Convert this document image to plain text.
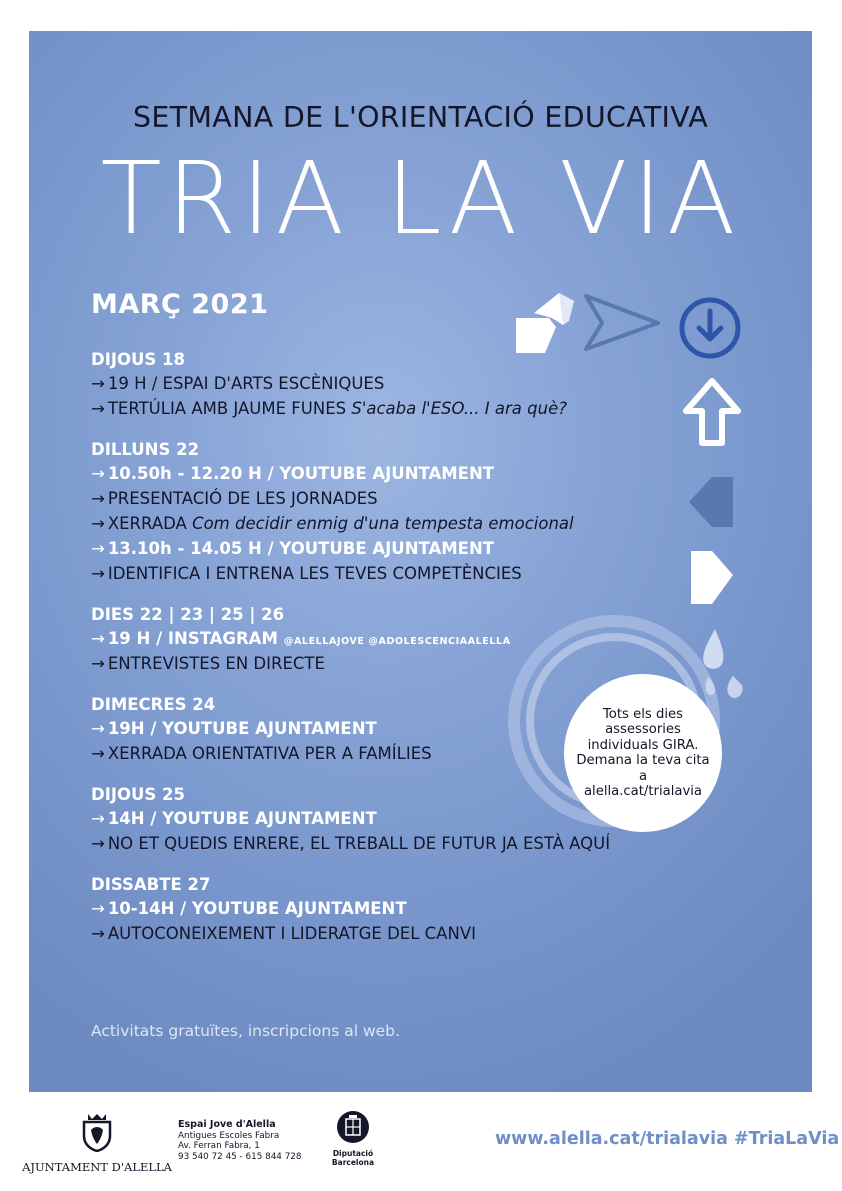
SETMANA DE L'ORIENTACIÓ EDUCATIVA
TRIA LA VIA
MARÇ 2021
DIJOUS 18
→ 19 H / ESPAI D'ARTS ESCÈNIQUES
→ TERTÚLIA AMB JAUME FUNES S'acaba l'ESO... I ara què?
DILLUNS 22
→ 10.50h - 12.20 H / YOUTUBE AJUNTAMENT
→ PRESENTACIÓ DE LES JORNADES
→ XERRADA Com decidir enmig d'una tempesta emocional
→ 13.10h - 14.05 H / YOUTUBE AJUNTAMENT
→ IDENTIFICA I ENTRENA LES TEVES COMPETÈNCIES
DIES 22 | 23 | 25 | 26
→ 19 H / INSTAGRAM @ALELLAJOVE @ADOLESCENCIAALELLA
→ ENTREVISTES EN DIRECTE
DIMECRES 24
→ 19H / YOUTUBE AJUNTAMENT
→ XERRADA ORIENTATIVA PER A FAMÍLIES
DIJOUS 25
→ 14H / YOUTUBE AJUNTAMENT
→ NO ET QUEDIS ENRERE, EL TREBALL DE FUTUR JA ESTÀ AQUÍ
DISSABTE 27
→ 10-14H / YOUTUBE AJUNTAMENT
→ AUTOCONEIXEMENT I LIDERATGE DEL CANVI
Tots els dies
assessories
individuals GIRA.
Demana la teva cita a
alella.cat/trialavia
Activitats gratuïtes, inscripcions al web.
AJUNTAMENT D'ALELLA
Espai Jove d'Alella
Antigues Escoles Fabra
Av. Ferran Fabra, 1
93 540 72 45 - 615 844 728	Diputació
Barcelona
www.alella.cat/trialavia #TriaLaVia
